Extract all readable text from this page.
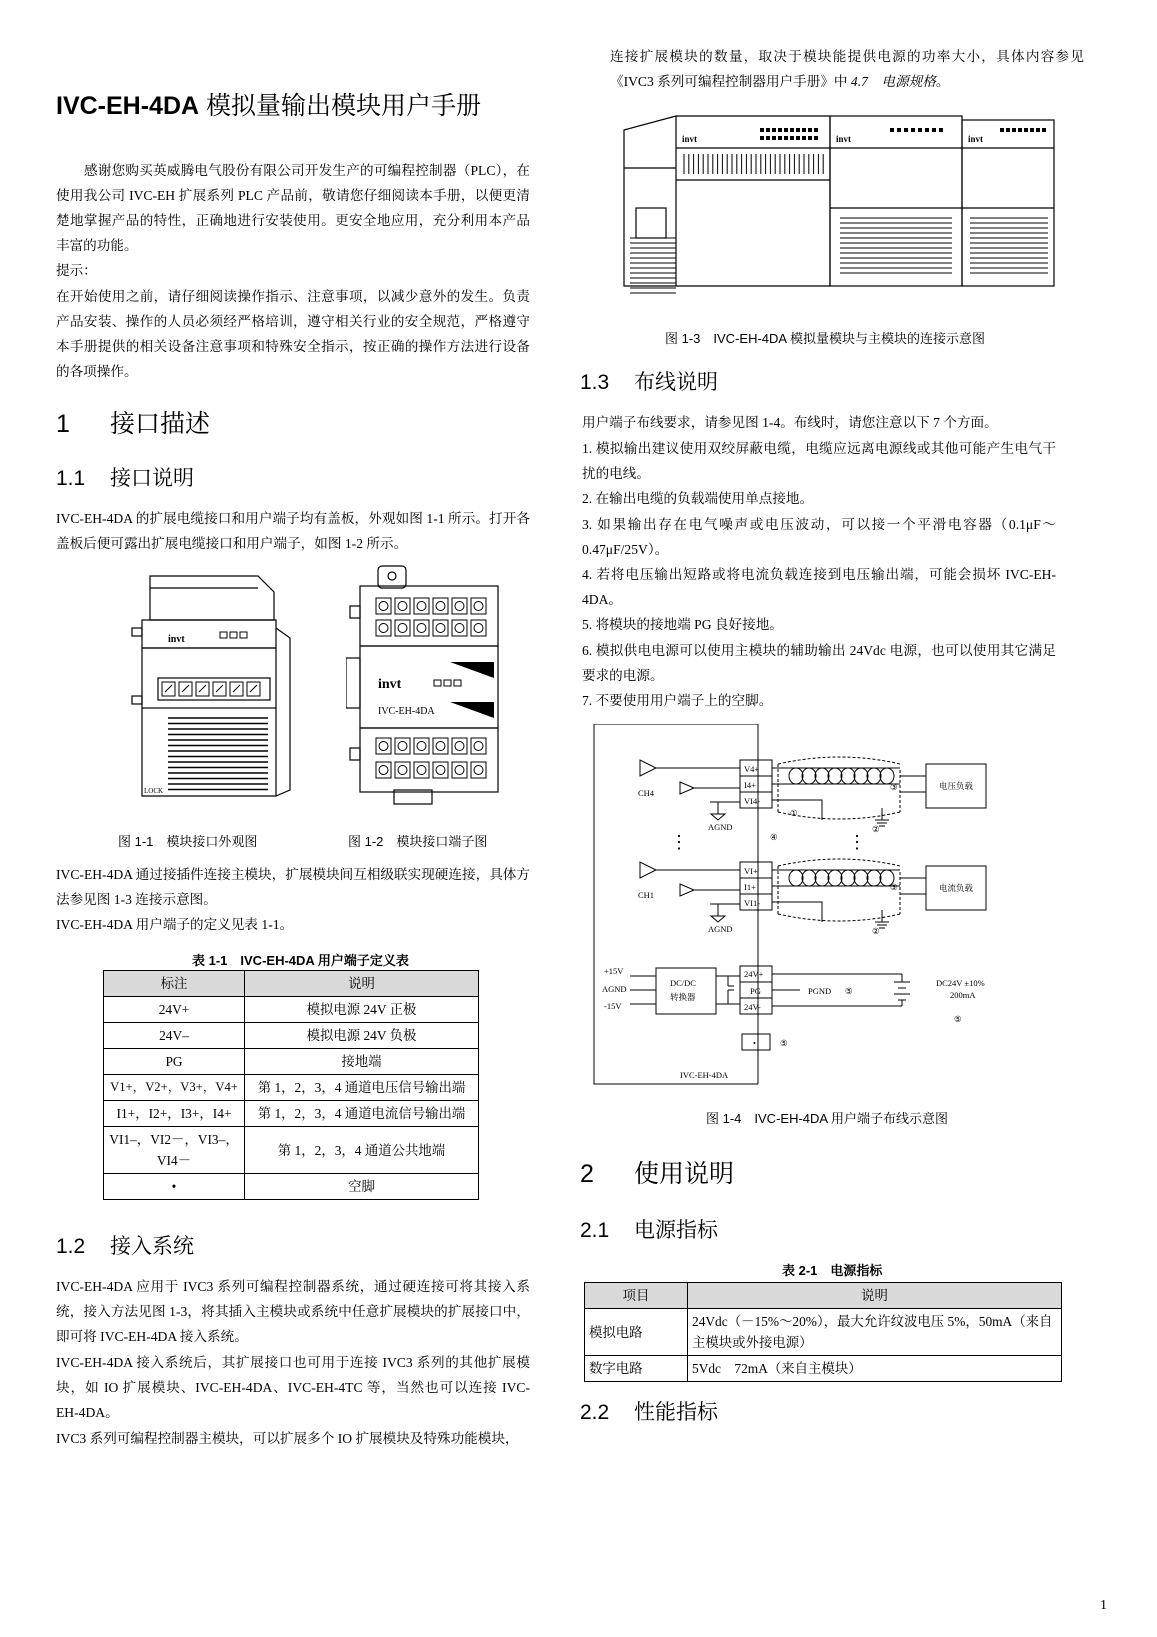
IVC-EH-4DA 模拟量输出模块用户手册

感谢您购买英威腾电气股份有限公司开发生产的可编程控制器（PLC），在使用我公司 IVC-EH 扩展系列 PLC 产品前，敬请您仔细阅读本手册，以便更清楚地掌握产品的特性，正确地进行安装使用。更安全地应用，充分利用本产品丰富的功能。

提示：

在开始使用之前，请仔细阅读操作指示、注意事项，以减少意外的发生。负责产品安装、操作的人员必须经严格培训，遵守相关行业的安全规范，严格遵守本手册提供的相关设备注意事项和特殊安全指示，按正确的操作方法进行设备的各项操作。

1 接口描述
1.1 接口说明

IVC-EH-4DA 的扩展电缆接口和用户端子均有盖板，外观如图 1-1 所示。打开各盖板后便可露出扩展电缆接口和用户端子，如图 1-2 所示。

invt
LOCK
invt
IVC-EH-4DA

图 1-1　模块接口外观图	图 1-2　模块接口端子图

IVC-EH-4DA 通过接插件连接主模块，扩展模块间互相级联实现硬连接，具体方法参见图 1-3 连接示意图。

IVC-EH-4DA 用户端子的定义见表 1-1。

表 1-1　IVC-EH-4DA 用户端子定义表

标注	说明
24V+	模拟电源 24V 正极
24V–	模拟电源 24V 负极
PG	接地端
V1+，V2+，V3+，V4+	第 1，2，3，4 通道电压信号输出端
I1+，I2+，I3+，I4+	第 1，2，3，4 通道电流信号输出端
VI1–，VI2－，VI3–，VI4－	第 1，2，3，4 通道公共地端
•	空脚
1.2 接入系统

IVC-EH-4DA 应用于 IVC3 系列可编程控制器系统，通过硬连接可将其接入系统，接入方法见图 1-3，将其插入主模块或系统中任意扩展模块的扩展接口中，即可将 IVC-EH-4DA 接入系统。

IVC-EH-4DA 接入系统后，其扩展接口也可用于连接 IVC3 系列的其他扩展模块，如 IO 扩展模块、IVC-EH-4DA、IVC-EH-4TC 等，当然也可以连接 IVC-EH-4DA。

IVC3 系列可编程控制器主模块，可以扩展多个 IO 扩展模块及特殊功能模块，

连接扩展模块的数量，取决于模块能提供电源的功率大小，具体内容参见《IVC3 系列可编程控制器用户手册》中 4.7　电源规格。

invt	invt	invt

图 1-3　IVC-EH-4DA 模拟量模块与主模块的连接示意图

1.3 布线说明

用户端子布线要求，请参见图 1-4。布线时，请您注意以下 7 个方面。

1. 模拟输出建议使用双绞屏蔽电缆，电缆应远离电源线或其他可能产生电气干扰的电线。

2. 在输出电缆的负载端使用单点接地。

3. 如果输出存在电气噪声或电压波动，可以接一个平滑电容器（0.1μF～0.47μF/25V）。

4. 若将电压输出短路或将电流负载连接到电压输出端，可能会损坏 IVC-EH-4DA。

5. 将模块的接地端 PG 良好接地。

6. 模拟供电电源可以使用主模块的辅助输出 24Vdc 电源，也可以使用其它满足要求的电源。

7. 不要使用用户端子上的空脚。

CH4
CH1
V4+
I4+
VI4-
VI+
I1+
VI1-
AGND
AGND
电压负载
电流负载
+15V
AGND
-15V
DC/DC
转换器
24V+
PG
24V-
PGND
DC24V ±10%
200mA
IVC-EH-4DA
•
①
②
②
③
③
④
⑤
⑤
⑤
⋮	⋮

图 1-4　IVC-EH-4DA 用户端子布线示意图

2 使用说明
2.1 电源指标

表 2-1　电源指标

项目	说明
模拟电路	24Vdc（－15%～20%），最大允许纹波电压 5%，50mA（来自主模块或外接电源）
数字电路	5Vdc　72mA（来自主模块）
2.2 性能指标
1
